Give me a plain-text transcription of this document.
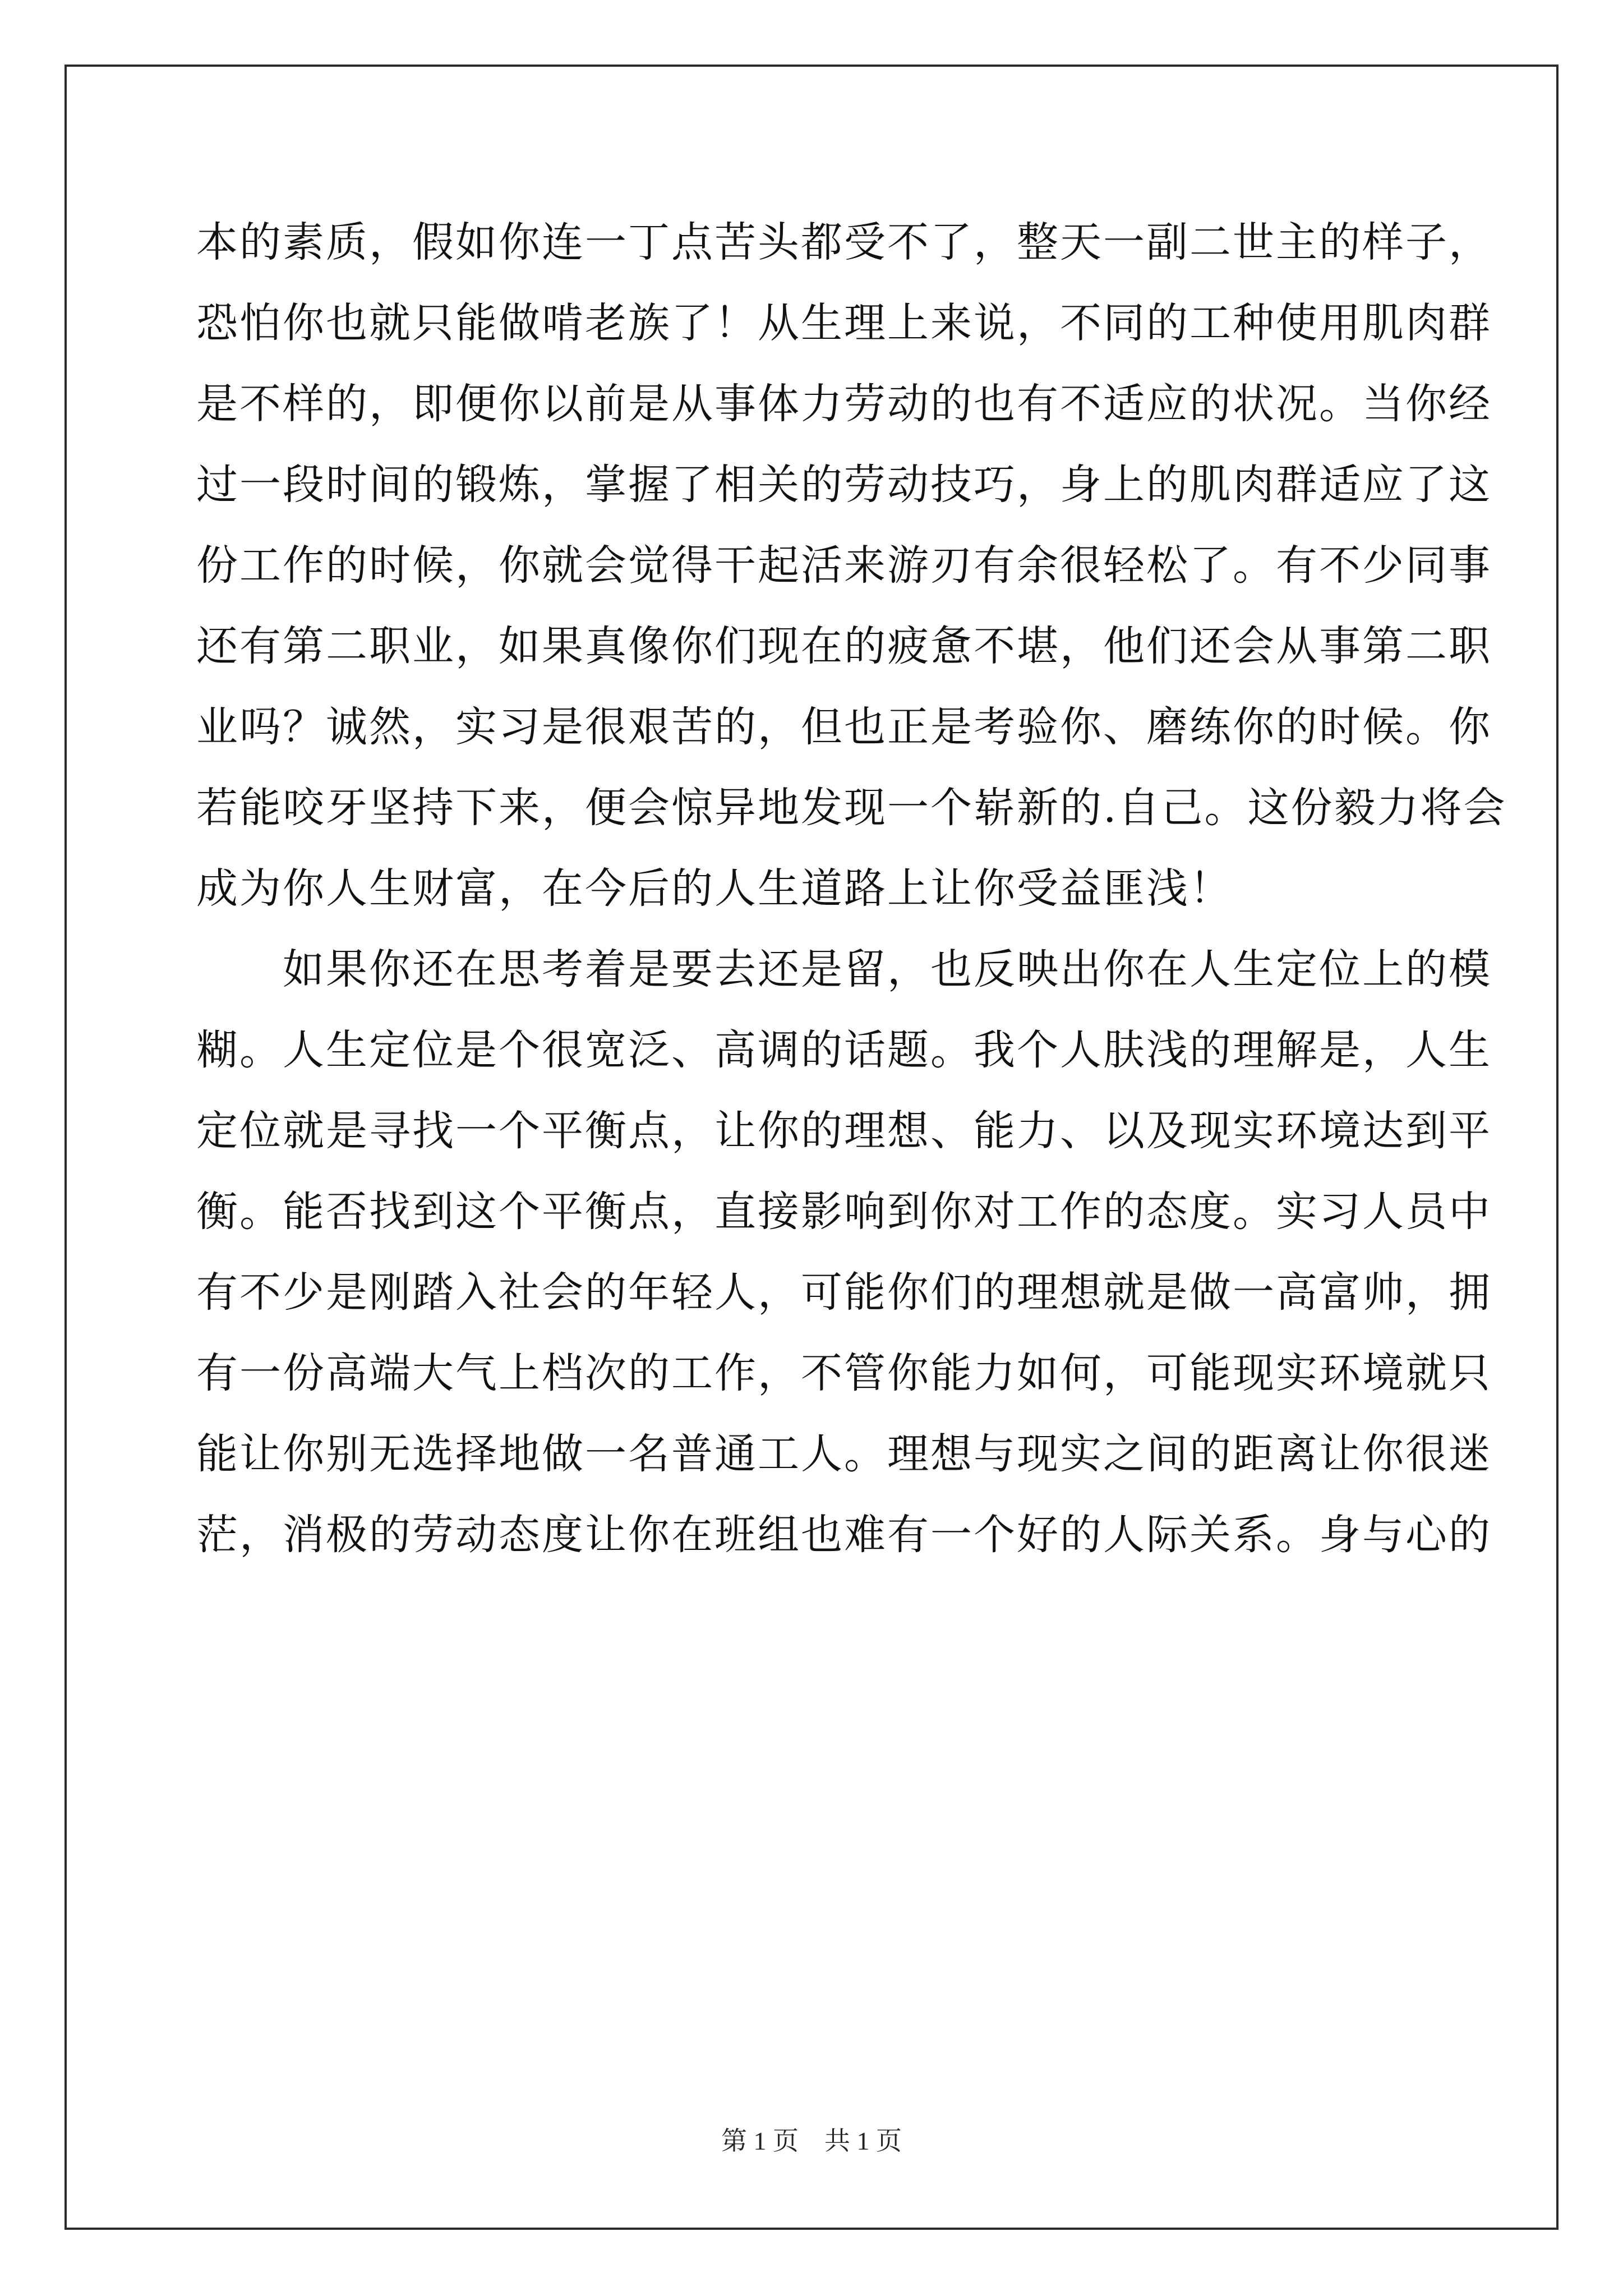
本的素质，假如你连一丁点苦头都受不了，整天一副二世主的样子，
恐怕你也就只能做啃老族了！从生理上来说，不同的工种使用肌肉群
是不样的，即便你以前是从事体力劳动的也有不适应的状况。当你经
过一段时间的锻炼，掌握了相关的劳动技巧，身上的肌肉群适应了这
份工作的时候，你就会觉得干起活来游刃有余很轻松了。有不少同事
还有第二职业，如果真像你们现在的疲惫不堪，他们还会从事第二职
业吗？诚然，实习是很艰苦的，但也正是考验你、磨练你的时候。你
若能咬牙坚持下来，便会惊异地发现一个崭新的.自己。这份毅力将会
成为你人生财富，在今后的人生道路上让你受益匪浅！
　　如果你还在思考着是要去还是留，也反映出你在人生定位上的模
糊。人生定位是个很宽泛、高调的话题。我个人肤浅的理解是，人生
定位就是寻找一个平衡点，让你的理想、能力、以及现实环境达到平
衡。能否找到这个平衡点，直接影响到你对工作的态度。实习人员中
有不少是刚踏入社会的年轻人，可能你们的理想就是做一高富帅，拥
有一份高端大气上档次的工作，不管你能力如何，可能现实环境就只
能让你别无选择地做一名普通工人。理想与现实之间的距离让你很迷
茫，消极的劳动态度让你在班组也难有一个好的人际关系。身与心的
第 1 页　共 1 页
